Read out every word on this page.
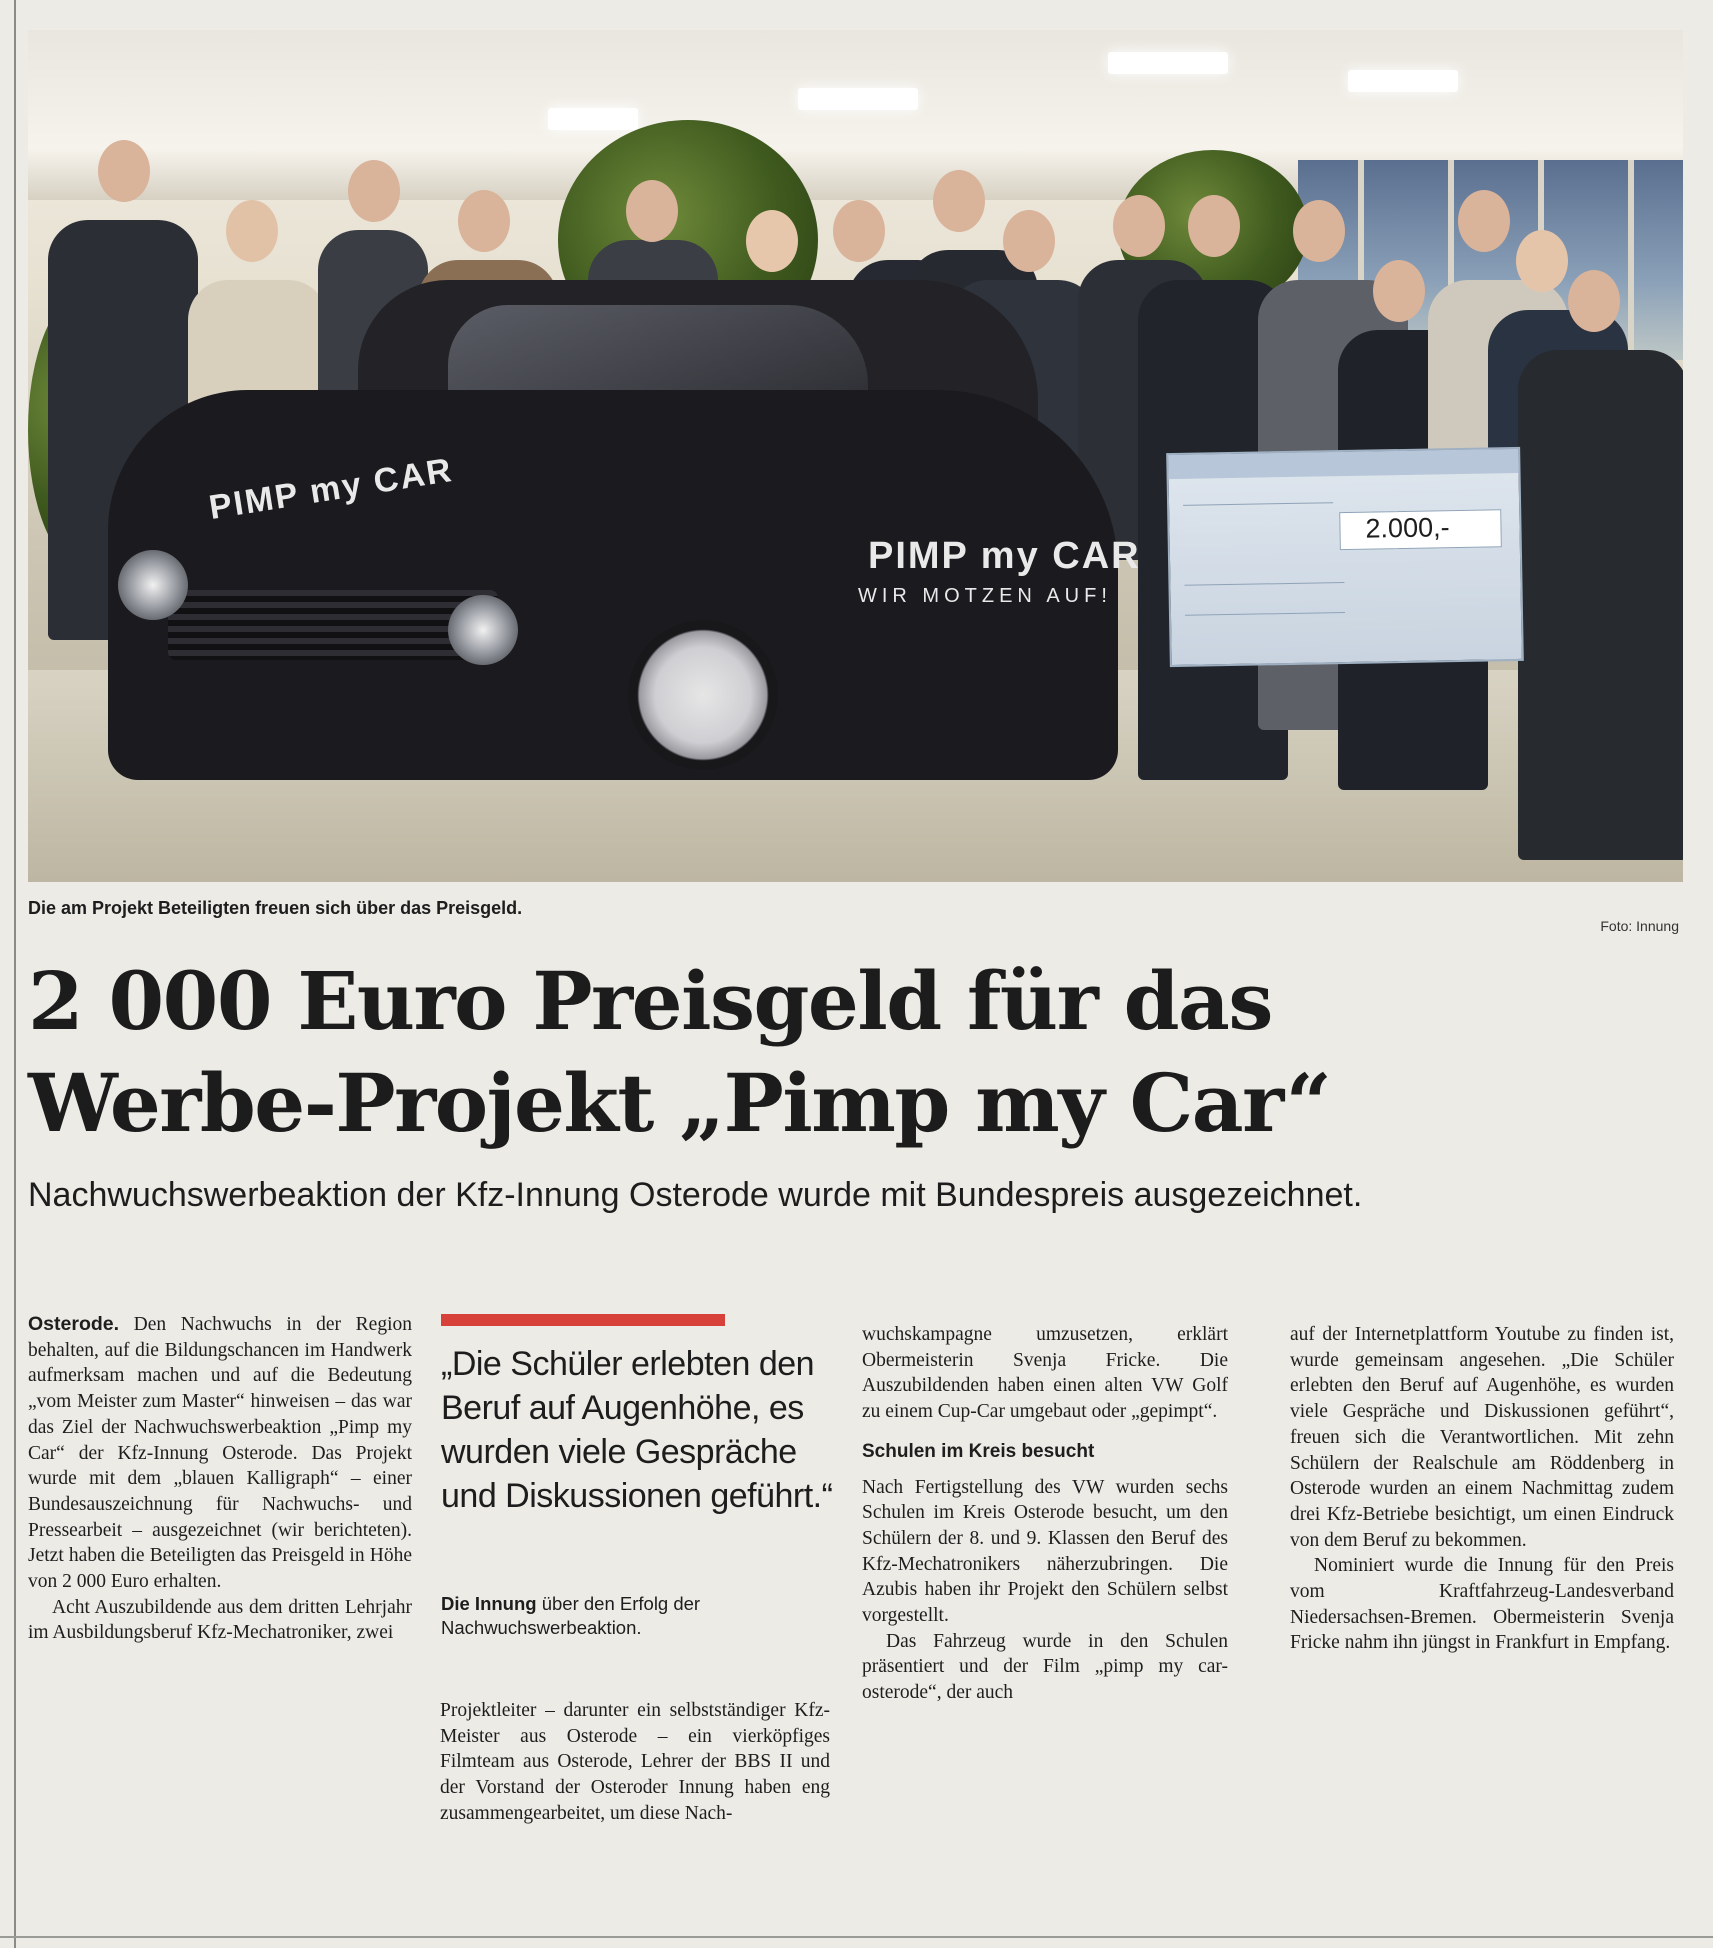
PIMP my CAR
PIMP my CAR
WIR MOTZEN AUF!
2.000,-
Die am Projekt Beteiligten freuen sich über das Preisgeld.
Foto: Innung
2 000 Euro Preisgeld für das
Werbe-Projekt „Pimp my Car“
Nachwuchswerbeaktion der Kfz-Innung Osterode wurde mit Bundespreis ausgezeichnet.

Osterode. Den Nachwuchs in der Region behalten, auf die Bildungschancen im Handwerk aufmerksam machen und auf die Bedeutung „vom Meister zum Master“ hinweisen – das war das Ziel der Nachwuchswerbeaktion „Pimp my Car“ der Kfz-Innung Osterode. Das Projekt wurde mit dem „blauen Kalligraph“ – einer Bundesauszeichnung für Nachwuchs- und Pressearbeit – ausgezeichnet (wir berichteten). Jetzt haben die Beteiligten das Preisgeld in Höhe von 2 000 Euro erhalten.

Acht Auszubildende aus dem dritten Lehrjahr im Ausbildungsberuf Kfz-Mechatroniker, zwei

„Die Schüler erlebten den Beruf auf Augenhöhe, es wurden viele Gespräche und Diskussionen geführt.“
Die Innung über den Erfolg der Nachwuchswerbeaktion.

Projektleiter – darunter ein selbstständiger Kfz-Meister aus Osterode – ein vierköpfiges Filmteam aus Osterode, Lehrer der BBS II und der Vorstand der Osteroder Innung haben eng zusammengearbeitet, um diese Nach-

wuchskampagne umzusetzen, erklärt Obermeisterin Svenja Fricke. Die Auszubildenden haben einen alten VW Golf zu einem Cup-Car umgebaut oder „gepimpt“.

Schulen im Kreis besucht

Nach Fertigstellung des VW wurden sechs Schulen im Kreis Osterode besucht, um den Schülern der 8. und 9. Klassen den Beruf des Kfz-Mechatronikers näherzubringen. Die Azubis haben ihr Projekt den Schülern selbst vorgestellt.

Das Fahrzeug wurde in den Schulen präsentiert und der Film „pimp my car-osterode“, der auch

auf der Internetplattform Youtube zu finden ist, wurde gemeinsam angesehen. „Die Schüler erlebten den Beruf auf Augenhöhe, es wurden viele Gespräche und Diskussionen geführt“, freuen sich die Verantwortlichen. Mit zehn Schülern der Realschule am Röddenberg in Osterode wurden an einem Nachmittag zudem drei Kfz-Betriebe besichtigt, um einen Eindruck von dem Beruf zu bekommen.

Nominiert wurde die Innung für den Preis vom Kraftfahrzeug-Landesverband Niedersachsen-Bremen. Obermeisterin Svenja Fricke nahm ihn jüngst in Frankfurt in Empfang.
